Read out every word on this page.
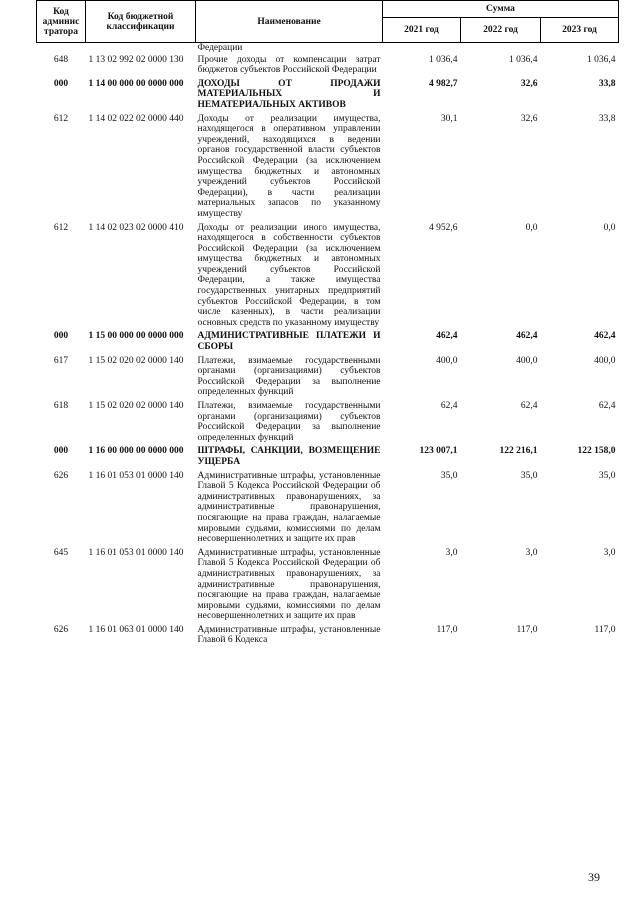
Код админис тратора	Код бюджетной классификации	Наименование	Сумма		
			2021 год	2022 год	2023 год
		Федерации			
648	1 13 02 992 02 0000 130	Прочие доходы от компенсации затрат бюджетов субъектов Российской Федерации	1 036,4	1 036,4	1 036,4
000	1 14 00 000 00 0000 000	ДОХОДЫ ОТ ПРОДАЖИ МАТЕРИАЛЬНЫХ И НЕМАТЕРИАЛЬНЫХ АКТИВОВ	4 982,7	32,6	33,8
612	1 14 02 022 02 0000 440	Доходы от реализации имущества, находящегося в оперативном управлении учреждений, находящихся в ведении органов государственной власти субъектов Российской Федерации (за исключением имущества бюджетных и автономных учреждений субъектов Российской Федерации), в части реализации материальных запасов по указанному имуществу	30,1	32,6	33,8
612	1 14 02 023 02 0000 410	Доходы от реализации иного имущества, находящегося в собственности субъектов Российской Федерации (за исключением имущества бюджетных и автономных учреждений субъектов Российской Федерации, а также имущества государственных унитарных предприятий субъектов Российской Федерации, в том числе казенных), в части реализации основных средств по указанному имуществу	4 952,6	0,0	0,0
000	1 15 00 000 00 0000 000	АДМИНИСТРАТИВНЫЕ ПЛАТЕЖИ И СБОРЫ	462,4	462,4	462,4
617	1 15 02 020 02 0000 140	Платежи, взимаемые государственными органами (организациями) субъектов Российской Федерации за выполнение определенных функций	400,0	400,0	400,0
618	1 15 02 020 02 0000 140	Платежи, взимаемые государственными органами (организациями) субъектов Российской Федерации за выполнение определенных функций	62,4	62,4	62,4
000	1 16 00 000 00 0000 000	ШТРАФЫ, САНКЦИИ, ВОЗМЕЩЕНИЕ УЩЕРБА	123 007,1	122 216,1	122 158,0
626	1 16 01 053 01 0000 140	Административные штрафы, установленные Главой 5 Кодекса Российской Федерации об административных правонарушениях, за административные правонарушения, посягающие на права граждан, налагаемые мировыми судьями, комиссиями по делам несовершеннолетних и защите их прав	35,0	35,0	35,0
645	1 16 01 053 01 0000 140	Административные штрафы, установленные Главой 5 Кодекса Российской Федерации об административных правонарушениях, за административные правонарушения, посягающие на права граждан, налагаемые мировыми судьями, комиссиями по делам несовершеннолетних и защите их прав	3,0	3,0	3,0
626	1 16 01 063 01 0000 140	Административные штрафы, установленные Главой 6 Кодекса	117,0	117,0	117,0
39
